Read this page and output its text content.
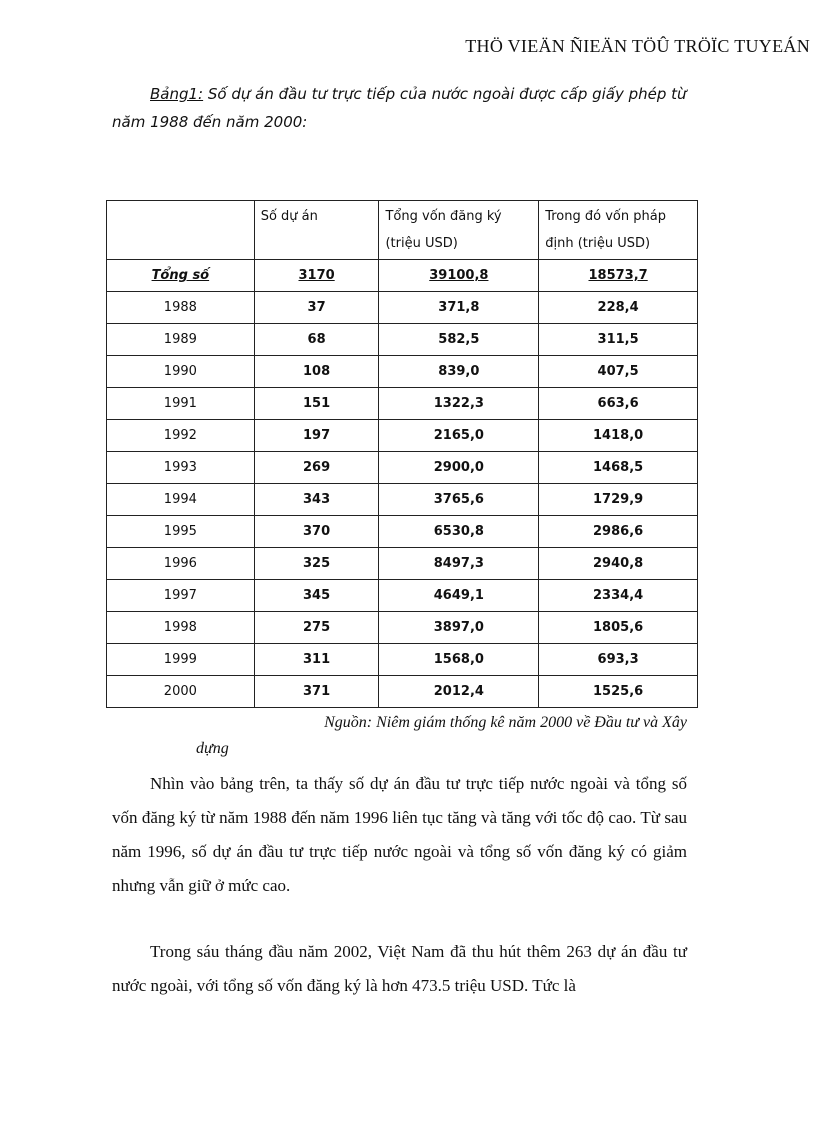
THÖ VIEÄN ÑIEÄN TÖÛ TRÖÏC TUYEÁN
Bảng1: Số dự án đầu tư trực tiếp của nước ngoài được cấp giấy phép từ năm 1988 đến năm 2000:
	Số dự án	Tổng vốn đăng ký (triệu USD)	Trong đó vốn pháp định (triệu USD)
Tổng số	3170	39100,8	18573,7
1988	37	371,8	228,4
1989	68	582,5	311,5
1990	108	839,0	407,5
1991	151	1322,3	663,6
1992	197	2165,0	1418,0
1993	269	2900,0	1468,5
1994	343	3765,6	1729,9
1995	370	6530,8	2986,6
1996	325	8497,3	2940,8
1997	345	4649,1	2334,4
1998	275	3897,0	1805,6
1999	311	1568,0	693,3
2000	371	2012,4	1525,6
Nguồn: Niêm giám thống kê năm 2000 về Đầu tư và Xây
dựng

Nhìn vào bảng trên, ta thấy số dự án đầu tư trực tiếp nước ngoài và tổng số vốn đăng ký từ năm 1988 đến năm 1996 liên tục tăng và tăng với tốc độ cao. Từ sau năm 1996, số dự án đầu tư trực tiếp nước ngoài và tổng số vốn đăng ký có giảm nhưng vẫn giữ ở mức cao.

Trong sáu tháng đầu năm 2002, Việt Nam đã thu hút thêm 263 dự án đầu tư nước ngoài, với tổng số vốn đăng ký là hơn 473.5 triệu USD. Tức là
